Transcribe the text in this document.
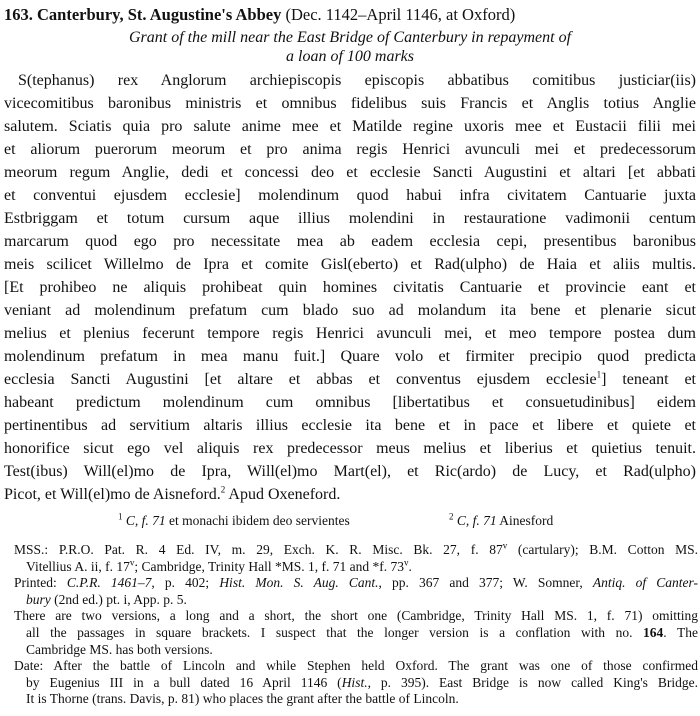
163. Canterbury, St. Augustine's Abbey (Dec. 1142–April 1146, at Oxford)
Grant of the mill near the East Bridge of Canterbury in repayment of
a loan of 100 marks
S(tephanus) rex Anglorum archiepiscopis episcopis abbatibus comitibus justiciar(iis)
vicecomitibus baronibus ministris et omnibus fidelibus suis Francis et Anglis totius Anglie
salutem. Sciatis quia pro salute anime mee et Matilde regine uxoris mee et Eustacii filii mei
et aliorum puerorum meorum et pro anima regis Henrici avunculi mei et predecessorum
meorum regum Anglie, dedi et concessi deo et ecclesie Sancti Augustini et altari [et abbati
et conventui ejusdem ecclesie] molendinum quod habui infra civitatem Cantuarie juxta
Estbriggam et totum cursum aque illius molendini in restauratione vadimonii centum
marcarum quod ego pro necessitate mea ab eadem ecclesia cepi, presentibus baronibus
meis scilicet Willelmo de Ipra et comite Gisl(eberto) et Rad(ulpho) de Haia et aliis multis.
[Et prohibeo ne aliquis prohibeat quin homines civitatis Cantuarie et provincie eant et
veniant ad molendinum prefatum cum blado suo ad molandum ita bene et plenarie sicut
melius et plenius fecerunt tempore regis Henrici avunculi mei, et meo tempore postea dum
molendinum prefatum in mea manu fuit.] Quare volo et firmiter precipio quod predicta
ecclesia Sancti Augustini [et altare et abbas et conventus ejusdem ecclesie$^1$] teneant et
habeant predictum molendinum cum omnibus [libertatibus et consuetudinibus] eidem
pertinentibus ad servitium altaris illius ecclesie ita bene et in pace et libere et quiete et
honorifice sicut ego vel aliquis rex predecessor meus melius et liberius et quietius tenuit.
Test(ibus) Will(el)mo de Ipra, Will(el)mo Mart(el), et Ric(ardo) de Lucy, et Rad(ulpho)
Picot, et Will(el)mo de Aisneford.$^2$ Apud Oxeneford.
$^1$ C, f. 71 et monachi ibidem deo servientes	$^2$ C, f. 71 Ainesford
MSS.: P.R.O. Pat. R. 4 Ed. IV, m. 29, Exch. K. R. Misc. Bk. 27, f. 87$^v$ (cartulary); B.M. Cotton MS.
Vitellius A. ii, f. 17$^v$; Cambridge, Trinity Hall *MS. 1, f. 71 and *f. 73$^v$.
Printed: C.P.R. 1461–7, p. 402; Hist. Mon. S. Aug. Cant., pp. 367 and 377; W. Somner, Antiq. of Canter-
bury (2nd ed.) pt. i, App. p. 5.
There are two versions, a long and a short, the short one (Cambridge, Trinity Hall MS. 1, f. 71) omitting
all the passages in square brackets. I suspect that the longer version is a conflation with no. 164. The
Cambridge MS. has both versions.
Date: After the battle of Lincoln and while Stephen held Oxford. The grant was one of those confirmed
by Eugenius III in a bull dated 16 April 1146 (Hist., p. 395). East Bridge is now called King's Bridge.
It is Thorne (trans. Davis, p. 81) who places the grant after the battle of Lincoln.
